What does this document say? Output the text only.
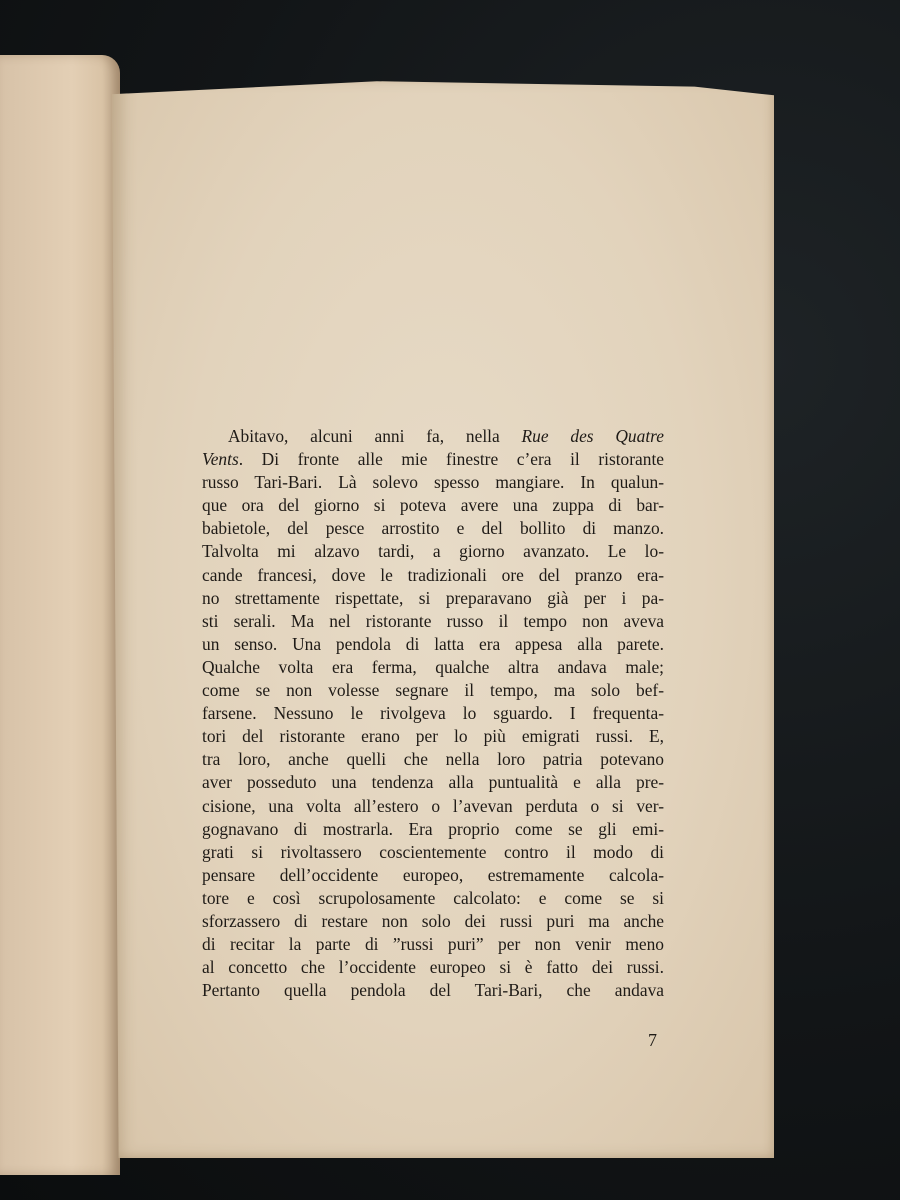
Abitavo, alcuni anni fa, nella Rue des Quatre
Vents. Di fronte alle mie finestre c’era il ristorante
russo Tari-Bari. Là solevo spesso mangiare. In qualun-
que ora del giorno si poteva avere una zuppa di bar-
babietole, del pesce arrostito e del bollito di manzo.
Talvolta mi alzavo tardi, a giorno avanzato. Le lo-
cande francesi, dove le tradizionali ore del pranzo era-
no strettamente rispettate, si preparavano già per i pa-
sti serali. Ma nel ristorante russo il tempo non aveva
un senso. Una pendola di latta era appesa alla parete.
Qualche volta era ferma, qualche altra andava male;
come se non volesse segnare il tempo, ma solo bef-
farsene. Nessuno le rivolgeva lo sguardo. I frequenta-
tori del ristorante erano per lo più emigrati russi. E,
tra loro, anche quelli che nella loro patria potevano
aver posseduto una tendenza alla puntualità e alla pre-
cisione, una volta all’estero o l’avevan perduta o si ver-
gognavano di mostrarla. Era proprio come se gli emi-
grati si rivoltassero coscientemente contro il modo di
pensare dell’occidente europeo, estremamente calcola-
tore e così scrupolosamente calcolato: e come se si
sforzassero di restare non solo dei russi puri ma anche
di recitar la parte di ”russi puri” per non venir meno
al concetto che l’occidente europeo si è fatto dei russi.
Pertanto quella pendola del Tari-Bari, che andava
7
